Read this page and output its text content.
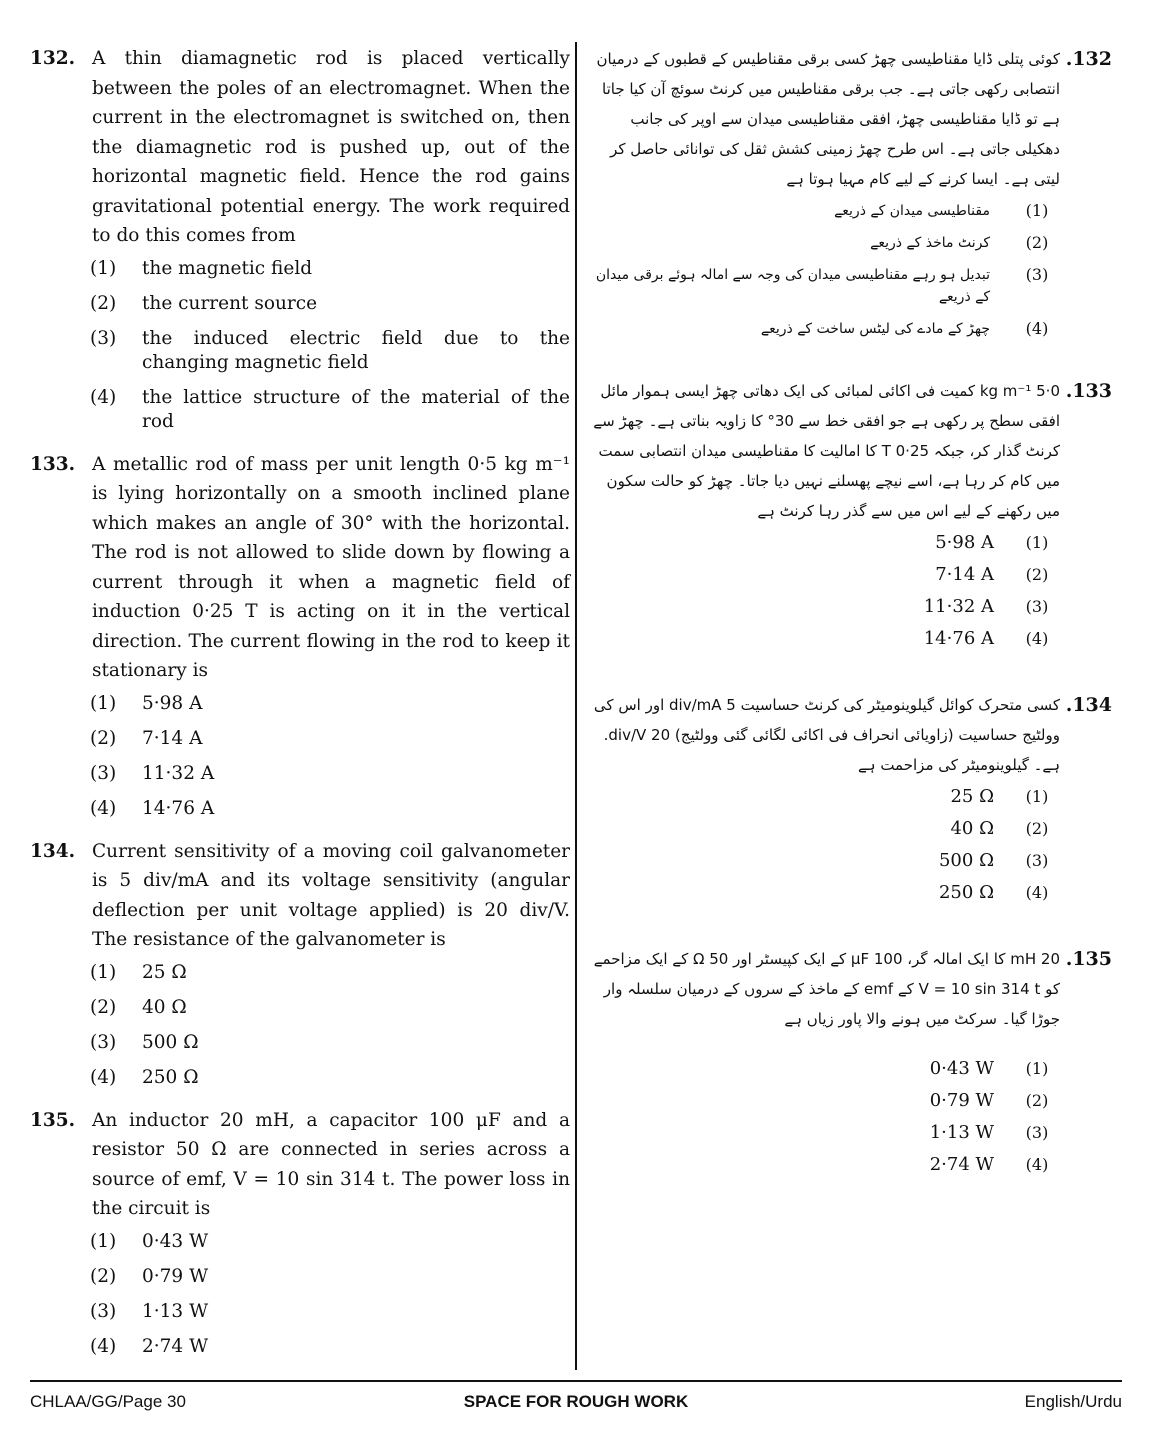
132. A thin diamagnetic rod is placed vertically between the poles of an electromagnet. When the current in the electromagnet is switched on, then the diamagnetic rod is pushed up, out of the horizontal magnetic field. Hence the rod gains gravitational potential energy. The work required to do this comes from
(1)	the magnetic field
(2)	the current source
(3)	the induced electric field due to the changing magnetic field
(4)	the lattice structure of the material of the rod
133. A metallic rod of mass per unit length 0·5 kg m⁻¹ is lying horizontally on a smooth inclined plane which makes an angle of 30° with the horizontal. The rod is not allowed to slide down by flowing a current through it when a magnetic field of induction 0·25 T is acting on it in the vertical direction. The current flowing in the rod to keep it stationary is
(1)	5·98 A
(2)	7·14 A
(3)	11·32 A
(4)	14·76 A
134. Current sensitivity of a moving coil galvanometer is 5 div/mA and its voltage sensitivity (angular deflection per unit voltage applied) is 20 div/V. The resistance of the galvanometer is
(1)	25 Ω
(2)	40 Ω
(3)	500 Ω
(4)	250 Ω
135. An inductor 20 mH, a capacitor 100 μF and a resistor 50 Ω are connected in series across a source of emf, V = 10 sin 314 t. The power loss in the circuit is
(1)	0·43 W
(2)	0·79 W
(3)	1·13 W
(4)	2·74 W
.132
کوئی پتلی ڈایا مقناطیسی چھڑ کسی برقی مقناطیس کے قطبوں کے درمیان انتصابی رکھی جاتی ہے۔ جب برقی مقناطیس میں کرنٹ سوئچ آن کیا جاتا ہے تو ڈایا مقناطیسی چھڑ، افقی مقناطیسی میدان سے اوپر کی جانب دھکیلی جاتی ہے۔ اس طرح چھڑ زمینی کشش ثقل کی توانائی حاصل کر لیتی ہے۔ ایسا کرنے کے لیے کام مہیا ہوتا ہے
(1)
مقناطیسی میدان کے ذریعے
(2)
کرنٹ ماخذ کے ذریعے
(3)
تبدیل ہو رہے مقناطیسی میدان کی وجہ سے امالہ ہوئے برقی میدان کے ذریعے
(4)
چھڑ کے مادے کی لیٹس ساخت کے ذریعے
.133
0·5 kg m⁻¹ کمیت فی اکائی لمبائی کی ایک دھاتی چھڑ ایسی ہموار مائل افقی سطح پر رکھی ہے جو افقی خط سے 30° کا زاویہ بناتی ہے۔ چھڑ سے کرنٹ گذار کر، جبکہ T 0·25 کا امالیت کا مقناطیسی میدان انتصابی سمت میں کام کر رہا ہے، اسے نیچے پھسلنے نہیں دیا جاتا۔ چھڑ کو حالت سکون میں رکھنے کے لیے اس میں سے گذر رہا کرنٹ ہے
(1)
5·98 A
(2)
7·14 A
(3)
11·32 A
(4)
14·76 A
.134
کسی متحرک کوائل گیلوینومیٹر کی کرنٹ حساسیت 5 div/mA اور اس کی وولٹیج حساسیت (زاویائی انحراف فی اکائی لگائی گئی وولٹیج) 20 div/V. ہے۔ گیلوینومیٹر کی مزاحمت ہے
(1)
25 Ω
(2)
40 Ω
(3)
500 Ω
(4)
250 Ω
.135
20 mH کا ایک امالہ گر، 100 μF کے ایک کپیسٹر اور 50 Ω کے ایک مزاحمے کو V = 10 sin 314 t کے emf کے ماخذ کے سروں کے درمیان سلسلہ وار جوڑا گیا۔ سرکٹ میں ہونے والا پاور زیاں ہے
(1)
0·43 W
(2)
0·79 W
(3)
1·13 W
(4)
2·74 W
CHLAA/GG/Page 30	SPACE FOR ROUGH WORK	English/Urdu
